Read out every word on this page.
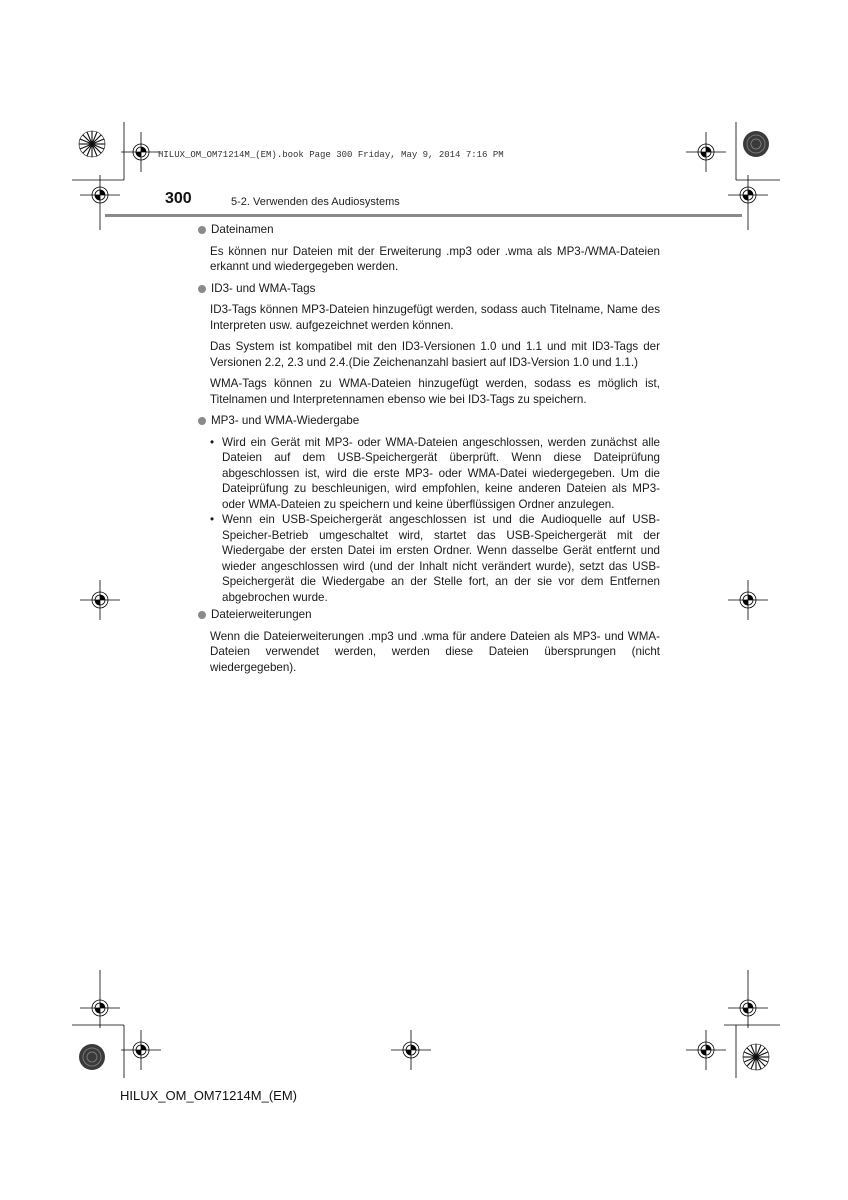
HILUX_OM_OM71214M_(EM).book Page 300 Friday, May 9, 2014 7:16 PM
300	5-2. Verwenden des Audiosystems
Dateinamen

Es können nur Dateien mit der Erweiterung .mp3 oder .wma als MP3-/WMA-Dateien erkannt und wiedergegeben werden.

ID3- und WMA-Tags

ID3-Tags können MP3-Dateien hinzugefügt werden, sodass auch Titelname, Name des Interpreten usw. aufgezeichnet werden können.

Das System ist kompatibel mit den ID3-Versionen 1.0 und 1.1 und mit ID3-Tags der Versionen 2.2, 2.3 und 2.4.(Die Zeichenanzahl basiert auf ID3-Version 1.0 und 1.1.)

WMA-Tags können zu WMA-Dateien hinzugefügt werden, sodass es möglich ist, Titelnamen und Interpretennamen ebenso wie bei ID3-Tags zu speichern.

MP3- und WMA-Wiedergabe
• Wird ein Gerät mit MP3- oder WMA-Dateien angeschlossen, werden zunächst alle Dateien auf dem USB-Speichergerät überprüft. Wenn diese Dateiprüfung abgeschlossen ist, wird die erste MP3- oder WMA-Datei wiedergegeben. Um die Dateiprüfung zu beschleunigen, wird empfohlen, keine anderen Dateien als MP3- oder WMA-Dateien zu speichern und keine überflüssigen Ordner anzulegen.
• Wenn ein USB-Speichergerät angeschlossen ist und die Audioquelle auf USB-Speicher-Betrieb umgeschaltet wird, startet das USB-Speichergerät mit der Wiedergabe der ersten Datei im ersten Ordner. Wenn dasselbe Gerät entfernt und wieder angeschlossen wird (und der Inhalt nicht verändert wurde), setzt das USB-Speichergerät die Wiedergabe an der Stelle fort, an der sie vor dem Entfernen abgebrochen wurde.
Dateierweiterungen

Wenn die Dateierweiterungen .mp3 und .wma für andere Dateien als MP3- und WMA-Dateien verwendet werden, werden diese Dateien übersprungen (nicht wiedergegeben).

HILUX_OM_OM71214M_(EM)
